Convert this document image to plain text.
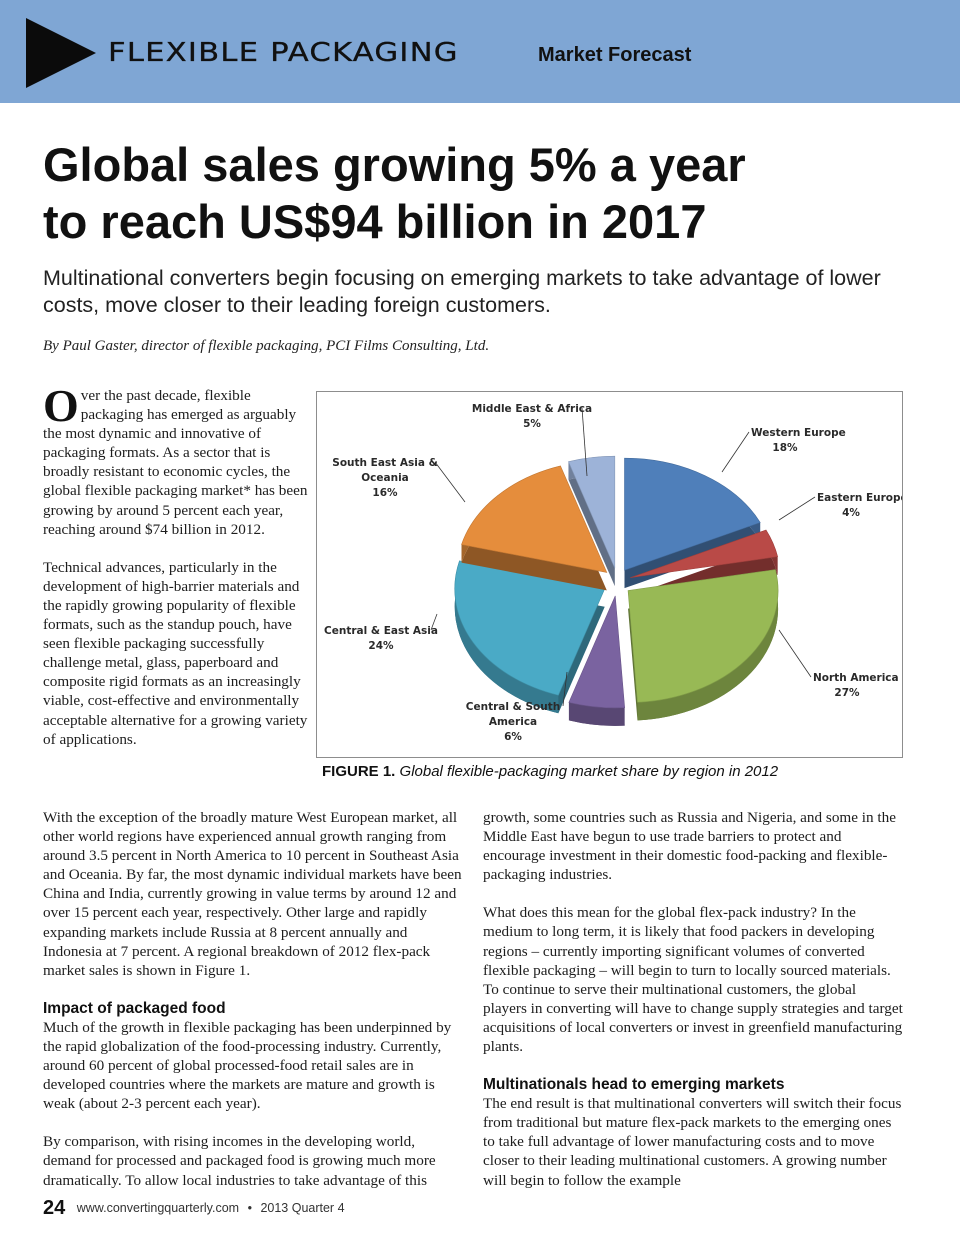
FLEXIBLE PACKAGING	Market Forecast
Global sales growing 5% a year
to reach US$94 billion in 2017

Multinational converters begin focusing on emerging markets to take advantage of lower costs, move closer to their leading foreign customers.

By Paul Gaster, director of flexible packaging, PCI Films Consulting, Ltd.

Over the past decade, flexible packaging has emerged as arguably the most dynamic and innovative of packaging formats. As a sector that is broadly resistant to economic cycles, the global flexible packaging market* has been growing by around 5 percent each year, reaching around $74 billion in 2012.

Technical advances, particularly in the development of high-barrier materials and the rapidly growing popularity of flexible formats, such as the standup pouch, have seen flexible packaging successfully challenge metal, glass, paperboard and composite rigid formats as an increasingly viable, cost-effective and environmentally acceptable alternative for a growing variety of applications.

Western Europe
18%
Eastern Europe
4%
North America
27%
Central & South
America
6%
Central & East Asia
24%
South East Asia &
Oceania
16%
Middle East & Africa
5%

FIGURE 1. Global flexible-packaging market share by region in 2012

With the exception of the broadly mature West European market, all other world regions have experienced annual growth ranging from around 3.5 percent in North America to 10 percent in Southeast Asia and Oceania. By far, the most dynamic individual markets have been China and India, currently growing in value terms by around 12 and over 15 percent each year, respectively. Other large and rapidly expanding markets include Russia at 8 percent annually and Indonesia at 7 percent. A regional breakdown of 2012 flex-pack market sales is shown in Figure 1.

Impact of packaged food

Much of the growth in flexible packaging has been underpinned by the rapid globalization of the food-processing industry. Currently, around 60 percent of global processed-food retail sales are in developed countries where the markets are mature and growth is weak (about 2-3 percent each year).

By comparison, with rising incomes in the developing world, demand for processed and packaged food is growing much more dramatically. To allow local industries to take advantage of this

growth, some countries such as Russia and Nigeria, and some in the Middle East have begun to use trade barriers to protect and encourage investment in their domestic food-packing and flexible-packaging industries.

What does this mean for the global flex-pack industry? In the medium to long term, it is likely that food packers in developing regions – currently importing significant volumes of converted flexible packaging – will begin to turn to locally sourced materials. To continue to serve their multinational customers, the global players in converting will have to change supply strategies and target acquisitions of local converters or invest in greenfield manufacturing plants.

Multinationals head to emerging markets

The end result is that multinational converters will switch their focus from traditional but mature flex-pack markets to the emerging ones to take full advantage of lower manufacturing costs and to move closer to their leading multinational customers. A growing number will begin to follow the example

24 www.convertingquarterly.com • 2013 Quarter 4
